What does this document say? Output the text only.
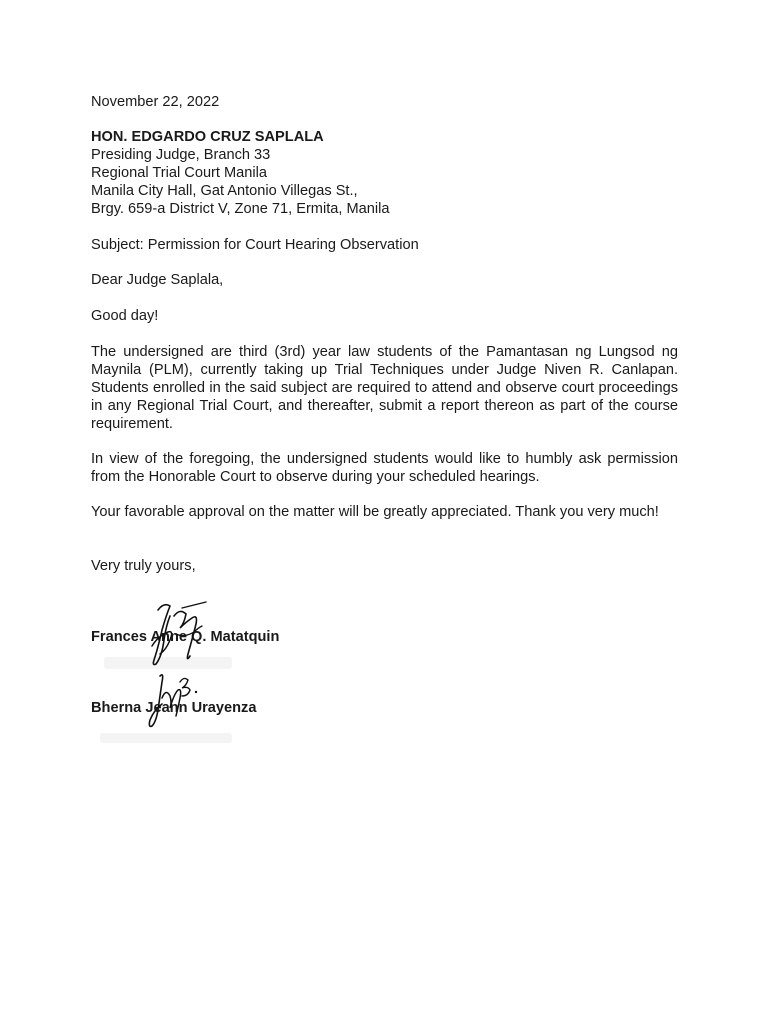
November 22, 2022
HON. EDGARDO CRUZ SAPLALA
Presiding Judge, Branch 33
Regional Trial Court Manila
Manila City Hall, Gat Antonio Villegas St.,
Brgy. 659-a District V, Zone 71, Ermita, Manila
Subject: Permission for Court Hearing Observation
Dear Judge Saplala,
Good day!
The undersigned are third (3rd) year law students of the Pamantasan ng Lungsod ng Maynila (PLM), currently taking up Trial Techniques under Judge Niven R. Canlapan. Students enrolled in the said subject are required to attend and observe court proceedings in any Regional Trial Court, and thereafter, submit a report thereon as part of the course requirement.
In view of the foregoing, the undersigned students would like to humbly ask permission from the Honorable Court to observe during your scheduled hearings.
Your favorable approval on the matter will be greatly appreciated. Thank you very much!
Very truly yours,
Frances Anne Q. Matatquin
Bherna Jeann Urayenza
